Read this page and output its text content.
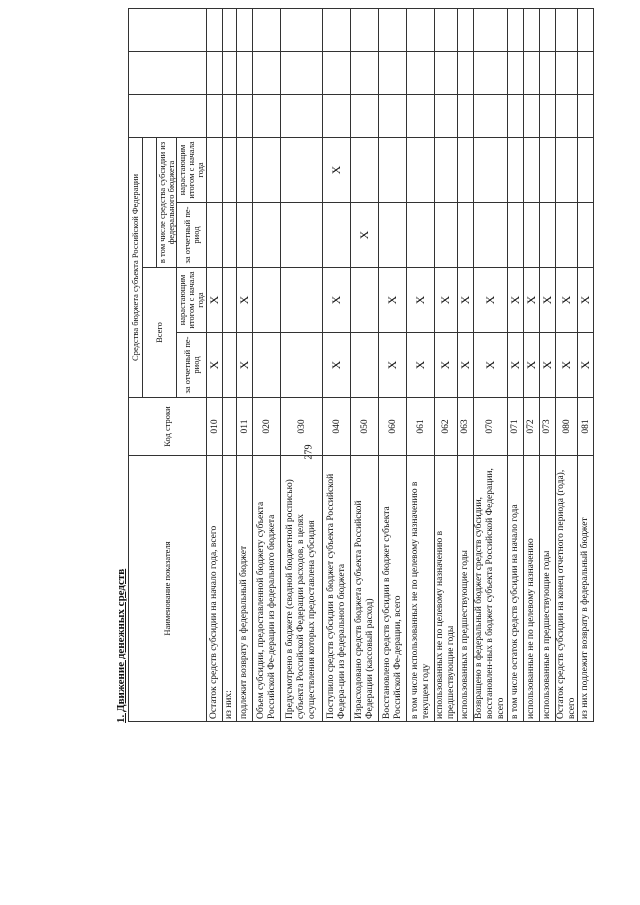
279
1. Движение денежных средств	Наименование показателя	Код строки	Средства бюджета субъекта Российской Федерации						
		Всего						
				в том числе средства субсидии из федерального бюджета				
		за отчетный пе-риод	нарастающим итогом с начала года	за отчетный пе-риод	нарастающим итогом с начала года			
Остаток средств субсидии на начало года, всего	010	X	X					
из них:								
подлежит возврату в федеральный бюджет	011	X	X					
Объем субсидии, предоставленной бюджету субъекта Российской Фе-дерации из федерального бюджета	020							
Предусмотрено в бюджете (сводной бюджетной росписью) субъекта Российской Федерации расходов, в целях осуществления которых предоставлена субсидия	030							
Поступило средств субсидии в бюджет субъекта Российской Федера-ции из федерального бюджета	040	X	X		X			
Израсходовано средств бюджета субъекта Российской Федерации (кассовый расход)	050			X				
Восстановлено средств субсидии в бюджет субъекта Российской Фе-дерации, всего	060	X	X					
в том числе использованных не по целевому назначению в текущем году	061	X	X					
использованных не по целевому назначению в предшествующие годы	062	X	X					
использованных в предшествующие годы	063	X	X					
Возвращено в федеральный бюджет средств субсидии, восстановлен-ных в бюджет субъекта Российской Федерации, всего	070	X	X					
в том числе остаток средств субсидии на начало года	071	X	X					
использованные не по целевому назначению	072	X	X					
использованные в предшествующие годы	073	X	X					
Остаток средств субсидии на конец отчетного периода (года), всего	080	X	X					
из них подлежит возврату в федеральный бюджет	081	X	X					
